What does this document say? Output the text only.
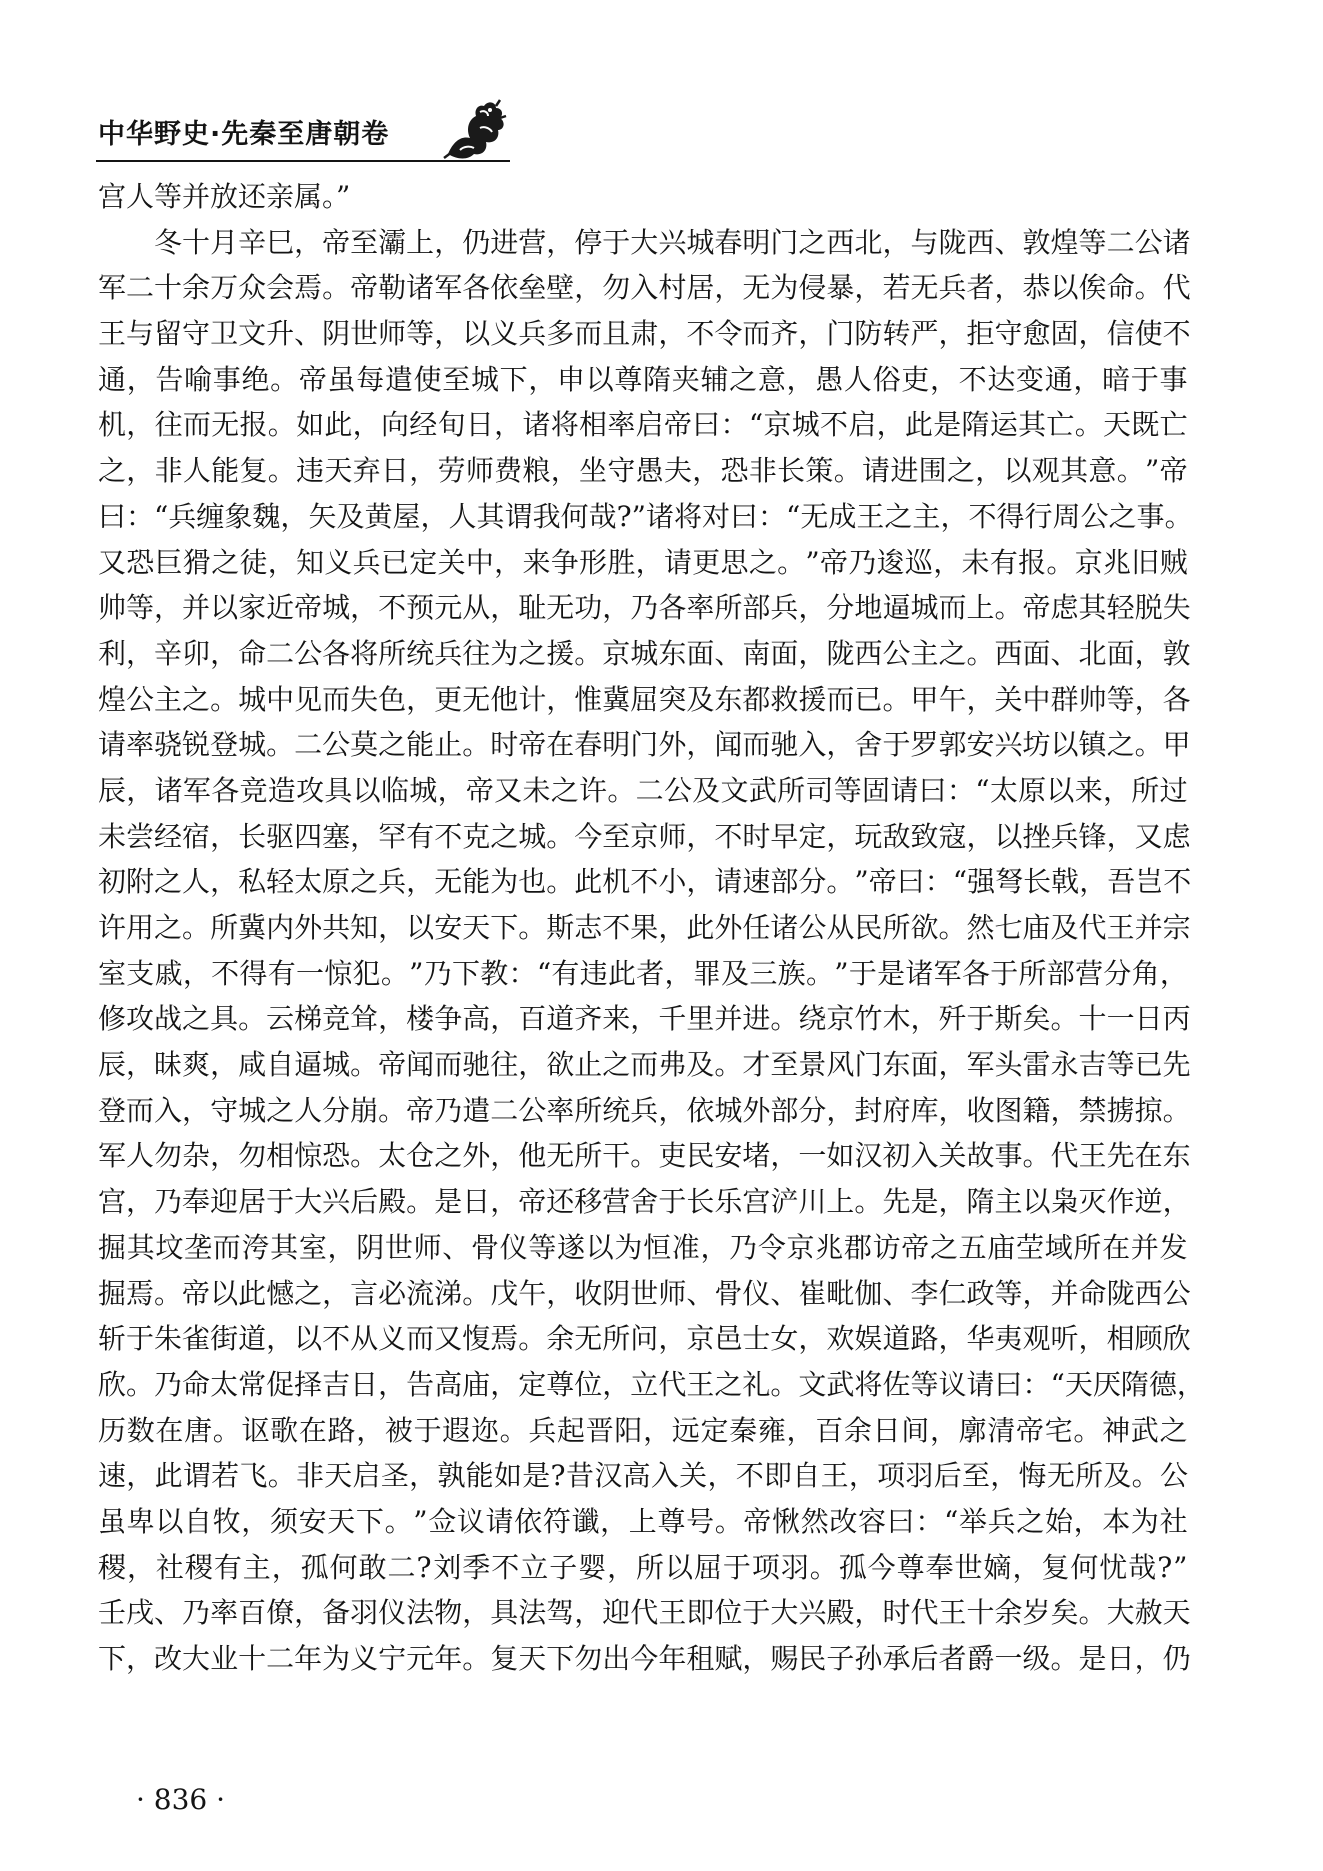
中华野史·先秦至唐朝卷
宫人等并放还亲属。”

冬 十 月 辛 巳 ， 帝 至 灞 上 ， 仍 进 营 ， 停 于 大 兴 城 春 明 门 之 西 北 ， 与 陇 西 、 敦 煌 等 二 公 诸
军 二 十 余 万 众 会 焉 。 帝 勒 诸 军 各 依 垒 壁 ， 勿 入 村 居 ， 无 为 侵 暴 ， 若 无 兵 者 ， 恭 以 俟 命 。 代
王 与 留 守 卫 文 升 、 阴 世 师 等 ， 以 义 兵 多 而 且 肃 ， 不 令 而 齐 ， 门 防 转 严 ， 拒 守 愈 固 ， 信 使 不
通 ， 告 喻 事 绝 。 帝 虽 每 遣 使 至 城 下 ， 申 以 尊 隋 夹 辅 之 意 ， 愚 人 俗 吏 ， 不 达 变 通 ， 暗 于 事
机 ， 往 而 无 报 。 如 此 ， 向 经 旬 日 ， 诸 将 相 率 启 帝 曰 ： “ 京 城 不 启 ， 此 是 隋 运 其 亡 。 天 既 亡
之 ， 非 人 能 复 。 违 天 弃 日 ， 劳 师 费 粮 ， 坐 守 愚 夫 ， 恐 非 长 策 。 请 进 围 之 ， 以 观 其 意 。 ” 帝
曰 ： “ 兵 缠 象 魏 ， 矢 及 黄 屋 ， 人 其 谓 我 何 哉 ? ” 诸 将 对 曰 ： “ 无 成 王 之 主 ， 不 得 行 周 公 之 事 。
又 恐 巨 猾 之 徒 ， 知 义 兵 已 定 关 中 ， 来 争 形 胜 ， 请 更 思 之 。 ” 帝 乃 逡 巡 ， 未 有 报 。 京 兆 旧 贼
帅 等 ， 并 以 家 近 帝 城 ， 不 预 元 从 ， 耻 无 功 ， 乃 各 率 所 部 兵 ， 分 地 逼 城 而 上 。 帝 虑 其 轻 脱 失
利 ， 辛 卯 ， 命 二 公 各 将 所 统 兵 往 为 之 援 。 京 城 东 面 、 南 面 ， 陇 西 公 主 之 。 西 面 、 北 面 ， 敦
煌 公 主 之 。 城 中 见 而 失 色 ， 更 无 他 计 ， 惟 冀 屈 突 及 东 都 救 援 而 已 。 甲 午 ， 关 中 群 帅 等 ， 各
请 率 骁 锐 登 城 。 二 公 莫 之 能 止 。 时 帝 在 春 明 门 外 ， 闻 而 驰 入 ， 舍 于 罗 郭 安 兴 坊 以 镇 之 。 甲
辰 ， 诸 军 各 竞 造 攻 具 以 临 城 ， 帝 又 未 之 许 。 二 公 及 文 武 所 司 等 固 请 曰 ： “ 太 原 以 来 ， 所 过
未 尝 经 宿 ， 长 驱 四 塞 ， 罕 有 不 克 之 城 。 今 至 京 师 ， 不 时 早 定 ， 玩 敌 致 寇 ， 以 挫 兵 锋 ， 又 虑
初 附 之 人 ， 私 轻 太 原 之 兵 ， 无 能 为 也 。 此 机 不 小 ， 请 速 部 分 。 ” 帝 曰 ： “ 强 弩 长 戟 ， 吾 岂 不
许 用 之 。 所 冀 内 外 共 知 ， 以 安 天 下 。 斯 志 不 果 ， 此 外 任 诸 公 从 民 所 欲 。 然 七 庙 及 代 王 并 宗
室 支 戚 ， 不 得 有 一 惊 犯 。 ” 乃 下 教 ： “ 有 违 此 者 ， 罪 及 三 族 。 ” 于 是 诸 军 各 于 所 部 营 分 角 ，
修 攻 战 之 具 。 云 梯 竞 耸 ， 楼 争 高 ， 百 道 齐 来 ， 千 里 并 进 。 绕 京 竹 木 ， 歼 于 斯 矣 。 十 一 日 丙
辰 ， 昧 爽 ， 咸 自 逼 城 。 帝 闻 而 驰 往 ， 欲 止 之 而 弗 及 。 才 至 景 风 门 东 面 ， 军 头 雷 永 吉 等 已 先
登 而 入 ， 守 城 之 人 分 崩 。 帝 乃 遣 二 公 率 所 统 兵 ， 依 城 外 部 分 ， 封 府 库 ， 收 图 籍 ， 禁 掳 掠 。
军 人 勿 杂 ， 勿 相 惊 恐 。 太 仓 之 外 ， 他 无 所 干 。 吏 民 安 堵 ， 一 如 汉 初 入 关 故 事 。 代 王 先 在 东
宫 ， 乃 奉 迎 居 于 大 兴 后 殿 。 是 日 ， 帝 还 移 营 舍 于 长 乐 宫 浐 川 上 。 先 是 ， 隋 主 以 枭 灭 作 逆 ，
掘 其 坟 垄 而 洿 其 室 ， 阴 世 师 、 骨 仪 等 遂 以 为 恒 准 ， 乃 令 京 兆 郡 访 帝 之 五 庙 茔 域 所 在 并 发
掘 焉 。 帝 以 此 憾 之 ， 言 必 流 涕 。 戊 午 ， 收 阴 世 师 、 骨 仪 、 崔 毗 伽 、 李 仁 政 等 ， 并 命 陇 西 公
斩 于 朱 雀 街 道 ， 以 不 从 义 而 又 愎 焉 。 余 无 所 问 ， 京 邑 士 女 ， 欢 娱 道 路 ， 华 夷 观 听 ， 相 顾 欣
欣 。 乃 命 太 常 促 择 吉 日 ， 告 高 庙 ， 定 尊 位 ， 立 代 王 之 礼 。 文 武 将 佐 等 议 请 曰 ： “ 天 厌 隋 德 ，
历 数 在 唐 。 讴 歌 在 路 ， 被 于 遐 迩 。 兵 起 晋 阳 ， 远 定 秦 雍 ， 百 余 日 间 ， 廓 清 帝 宅 。 神 武 之
速 ， 此 谓 若 飞 。 非 天 启 圣 ， 孰 能 如 是 ? 昔 汉 高 入 关 ， 不 即 自 王 ， 项 羽 后 至 ， 悔 无 所 及 。 公
虽 卑 以 自 牧 ， 须 安 天 下 。 ” 佥 议 请 依 符 谶 ， 上 尊 号 。 帝 愀 然 改 容 曰 ： “ 举 兵 之 始 ， 本 为 社
稷 ， 社 稷 有 主 ， 孤 何 敢 二 ? 刘 季 不 立 子 婴 ， 所 以 屈 于 项 羽 。 孤 今 尊 奉 世 嫡 ， 复 何 忧 哉 ? ”
壬 戌 、 乃 率 百 僚 ， 备 羽 仪 法 物 ， 具 法 驾 ， 迎 代 王 即 位 于 大 兴 殿 ， 时 代 王 十 余 岁 矣 。 大 赦 天
下 ， 改 大 业 十 二 年 为 义 宁 元 年 。 复 天 下 勿 出 今 年 租 赋 ， 赐 民 子 孙 承 后 者 爵 一 级 。 是 日 ， 仍
· 836 ·
